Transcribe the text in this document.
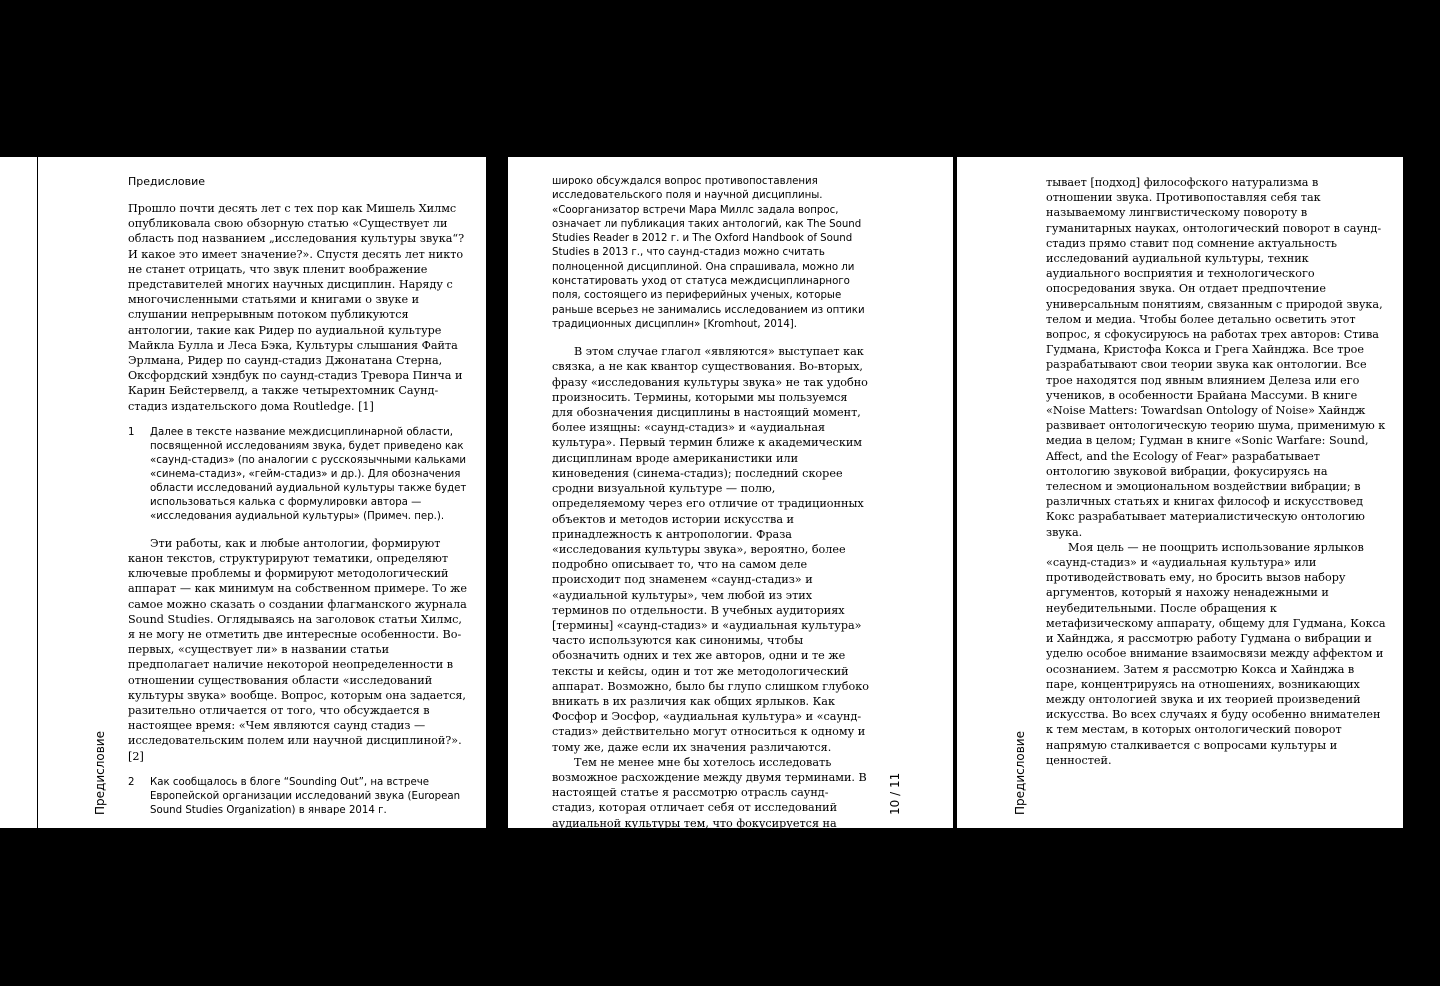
Предисловие

Предисловие

Прошло почти десять лет с тех пор как Мишель Хилмс опубликовала свою обзорную статью «Существует ли область под названием „исследования культуры звука“? И какое это имеет значение?». Спустя десять лет никто не станет отрицать, что звук пленит воображение представителей многих научных дисциплин. Наряду с многочисленными статьями и книгами о звуке и слушании непрерывным потоком публикуются антологии, такие как Ридер по аудиальной культуре Майкла Булла и Леса Бэка, Культуры слышания Файта Эрлмана, Ридер по саунд-стадиз Джонатана Стерна, Оксфордский хэндбук по саунд-стадиз Тревора Пинча и Карин Бейстервелд, а также четырехтомник Саунд-стадиз издательского дома Routledge. [1]

1	Далее в тексте название междисциплинарной области, посвященной исследованиям звука, будет приведено как «саунд-стадиз» (по аналогии с русскоязычными кальками «синема-стадиз», «гейм-стадиз» и др.). Для обозначения области исследований аудиальной культуры также будет использоваться калька с формулировки автора — «исследования аудиальной культуры» (Примеч. пер.).

Эти работы, как и любые антологии, формируют канон текстов, структурируют тематики, определяют ключевые проблемы и формируют методологический аппарат — как минимум на собственном примере. То же самое можно сказать о создании флагманского журнала Sound Studies. Оглядываясь на заголовок статьи Хилмс, я не могу не отметить две интересные особенности. Во-первых, «существует ли» в названии статьи предполагает наличие некоторой неопределенности в отношении существования области «исследований культуры звука» вообще. Вопрос, которым она задается, разительно отличается от того, что обсуждается в настоящее время: «Чем являются саунд стадиз — исследовательским полем или научной дисциплиной?». [2]

2	Как сообщалось в блоге “Sounding Out”, на встрече Европейской организации исследований звука (European Sound Studies Organization) в январе 2014 г.

широко обсуждался вопрос противопоставления исследовательского поля и научной дисциплины. «Соорганизатор встречи Мара Миллс задала вопрос, означает ли публикация таких антологий, как The Sound Studies Reader в 2012 г. и The Oxford Handbook of Sound Studies в 2013 г., что саунд-стадиз можно считать полноценной дисциплиной. Она спрашивала, можно ли констатировать уход от статуса междисциплинарного поля, состоящего из периферийных ученых, которые раньше всерьез не занимались исследованием из оптики традиционных дисциплин» [Kromhout, 2014].

В этом случае глагол «являются» выступает как связка, а не как квантор существования. Во-вторых, фразу «исследования культуры звука» не так удобно произносить. Термины, которыми мы пользуемся для обозначения дисциплины в настоящий момент, более изящны: «саунд-стадиз» и «аудиальная культура». Первый термин ближе к академическим дисциплинам вроде американистики или киноведения (синема-стадиз); последний скорее сродни визуальной культуре — полю, определяемому через его отличие от традиционных объектов и методов истории искусства и принадлежность к антропологии. Фраза «исследования культуры звука», вероятно, более подробно описывает то, что на самом деле происходит под знаменем «саунд-стадиз» и «аудиальной культуры», чем любой из этих терминов по отдельности. В учебных аудиториях [термины] «саунд-стадиз» и «аудиальная культура» часто используются как синонимы, чтобы обозначить одних и тех же авторов, одни и те же тексты и кейсы, один и тот же методологический аппарат. Возможно, было бы глупо слишком глубоко вникать в их различия как общих ярлыков. Как Фосфор и Эосфор, «аудиальная культура» и «саунд-стадиз» действительно могут относиться к одному и тому же, даже если их значения различаются.

Тем не менее мне бы хотелось исследовать возможное расхождение между двумя терминами. В настоящей статье я рассмотрю отрасль саунд-стадиз, которая отличает себя от исследований аудиальной культуры тем, что фокусируется на онтологии звука. Эта ниша, с опорой на работы Жиля Делеза, разраба-

10 / 11	Предисловие

тывает [подход] философского натурализма в отношении звука. Противопоставляя себя так называемому лингвистическому повороту в гуманитарных науках, онтологический поворот в саунд-стадиз прямо ставит под сомнение актуальность исследований аудиальной культуры, техник аудиального восприятия и технологического опосредования звука. Он отдает предпочтение универсальным понятиям, связанным с природой звука, телом и медиа. Чтобы более детально осветить этот вопрос, я сфокусируюсь на работах трех авторов: Стива Гудмана, Кристофа Кокса и Грега Хайнджа. Все трое разрабатывают свои теории звука как онтологии. Все трое находятся под явным влиянием Делеза или его учеников, в особенности Брайана Массуми. В книге «Noise Matters: Towardsan Ontology of Noise» Хайндж развивает онтологическую теорию шума, применимую к медиа в целом; Гудман в книге «Sonic Warfare: Sound, Affect, and the Ecology of Fear» разрабатывает онтологию звуковой вибрации, фокусируясь на телесном и эмоциональном воздействии вибрации; в различных статьях и книгах философ и искусствовед Кокс разрабатывает материалистическую онтологию звука.

Моя цель — не поощрить использование ярлыков «саунд-стадиз» и «аудиальная культура» или противодействовать ему, но бросить вызов набору аргументов, который я нахожу ненадежными и неубедительными. После обращения к метафизическому аппарату, общему для Гудмана, Кокса и Хайнджа, я рассмотрю работу Гудмана о вибрации и уделю особое внимание взаимосвязи между аффектом и осознанием. Затем я рассмотрю Кокса и Хайнджа в паре, концентрируясь на отношениях, возникающих между онтологией звука и их теорией произведений искусства. Во всех случаях я буду особенно внимателен к тем местам, в которых онтологический поворот напрямую сталкивается с вопросами культуры и ценностей.
